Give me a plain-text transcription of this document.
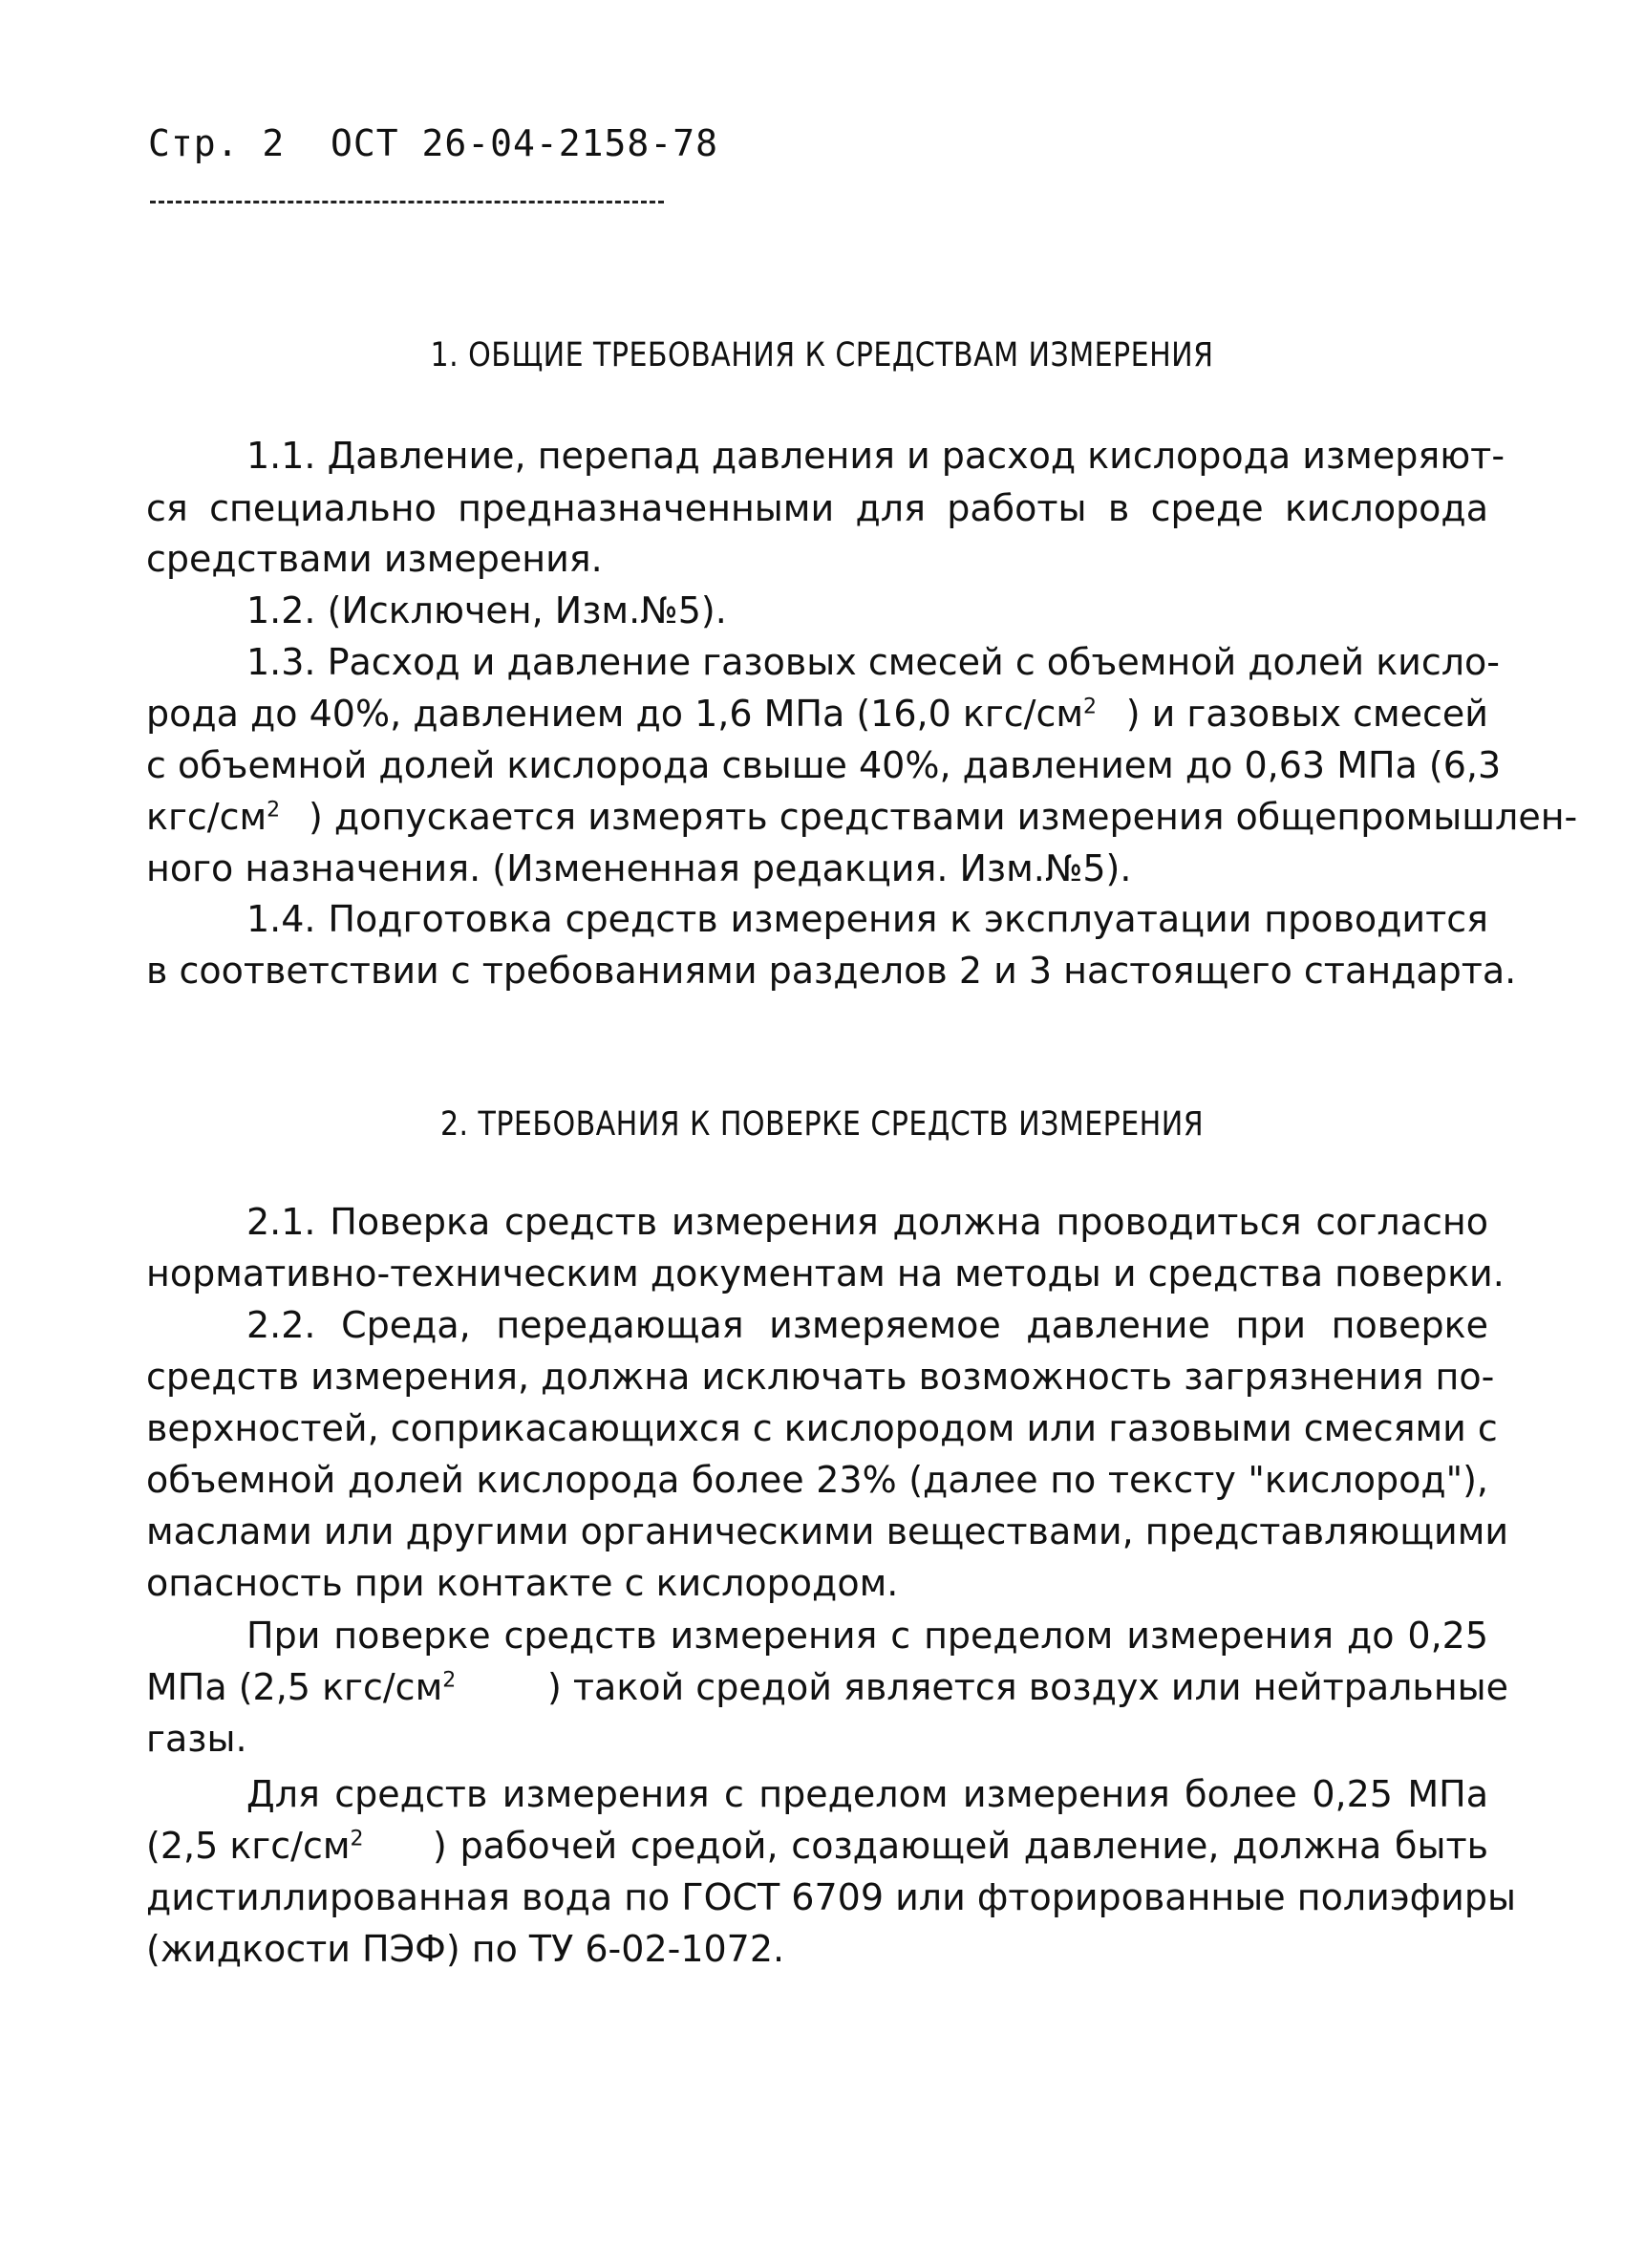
Стр. 2  ОСТ 26-04-2158-78
1. ОБЩИЕ ТРЕБОВАНИЯ К СРЕДСТВАМ ИЗМЕРЕНИЯ
1.1. Давление, перепад давления и расход кислорода измеряют-
ся специально предназначенными для работы в среде кислорода
средствами измерения.
1.2. (Исключен, Изм.№5).
1.3. Расход и давление газовых смесей с объемной долей кисло-
рода до 40%, давлением до 1,6 МПа (16,0 кгс/$см^2$ ) и газовых смесей
с объемной долей кислорода свыше 40%, давлением до 0,63 МПа (6,3
кгс/$см^2$ ) допускается измерять средствами измерения общепромышлен-
ного назначения. (Измененная редакция. Изм.№5).
1.4. Подготовка средств измерения к эксплуатации проводится
в соответствии с требованиями разделов 2 и 3 настоящего стандарта.
2. ТРЕБОВАНИЯ К ПОВЕРКЕ СРЕДСТВ ИЗМЕРЕНИЯ
2.1. Поверка средств измерения должна проводиться согласно
нормативно-техническим документам на методы и средства поверки.
2.2. Среда, передающая измеряемое давление при поверке
средств измерения, должна исключать возможность загрязнения по-
верхностей, соприкасающихся с кислородом или газовыми смесями с
объемной долей кислорода более 23% (далее по тексту "кислород"),
маслами или другими органическими веществами, представляющими
опасность при контакте с кислородом.
При поверке средств измерения с пределом измерения до 0,25
МПа (2,5 кгс/$см^2$	) такой средой является воздух или нейтральные
газы.
Для средств измерения с пределом измерения более 0,25 МПа
(2,5 кгс/$см^2$ ) рабочей средой, создающей давление, должна быть
дистиллированная вода по ГОСТ 6709 или фторированные полиэфиры
(жидкости ПЭФ) по ТУ 6-02-1072.
